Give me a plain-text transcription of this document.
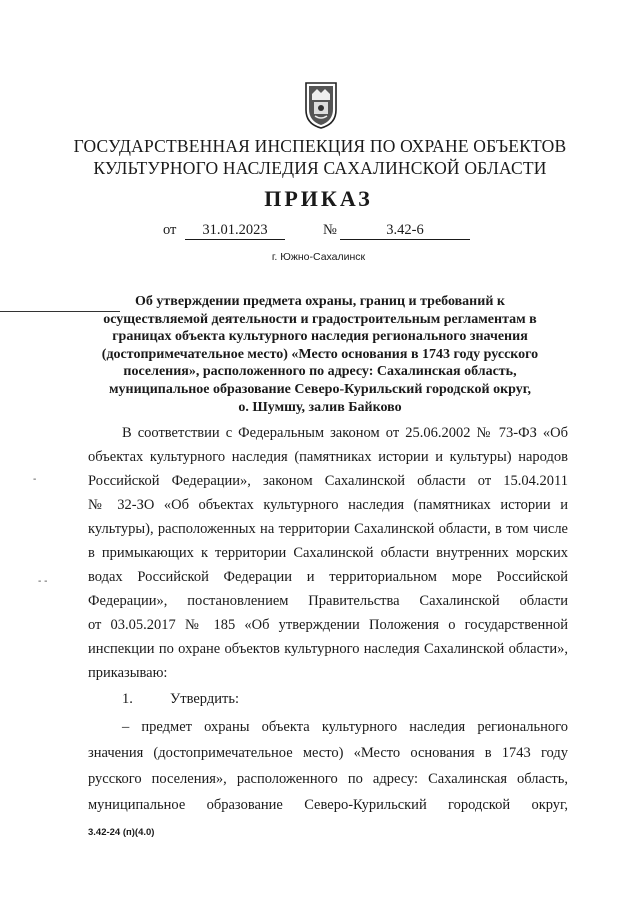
ГОСУДАРСТВЕННАЯ ИНСПЕКЦИЯ ПО ОХРАНЕ ОБЪЕКТОВ
КУЛЬТУРНОГО НАСЛЕДИЯ САХАЛИНСКОЙ ОБЛАСТИ
ПРИКАЗ
от	31.01.2023	№	3.42-6
г. Южно-Сахалинск
Об утверждении предмета охраны, границ и требований к
осуществляемой деятельности и градостроительным регламентам в
границах объекта культурного наследия регионального значения
(достопримечательное место) «Место основания в 1743 году русского
поселения», расположенного по адресу: Сахалинская область,
муниципальное образование Северо-Курильский городской округ,
о. Шумшу, залив Байково
В соответствии с Федеральным законом от 25.06.2002 № 73-ФЗ «Об
объектах культурного наследия (памятниках истории и культуры) народов
Российской Федерации», законом Сахалинской области от 15.04.2011
№ 32-ЗО «Об объектах культурного наследия (памятниках истории и
культуры), расположенных на территории Сахалинской области, в том числе
в примыкающих к территории Сахалинской области внутренних морских
водах Российской Федерации и территориальном море Российской
Федерации», постановлением Правительства Сахалинской области
от 03.05.2017 № 185 «Об утверждении Положения о государственной
инспекции по охране объектов культурного наследия Сахалинской области»,
приказываю:
1.	Утвердить:
– предмет охраны объекта культурного наследия регионального
значения (достопримечательное место) «Место основания в 1743 году
русского поселения», расположенного по адресу: Сахалинская область,
муниципальное образование Северо-Курильский городской округ,
-
- -
3.42-24 (п)(4.0)
